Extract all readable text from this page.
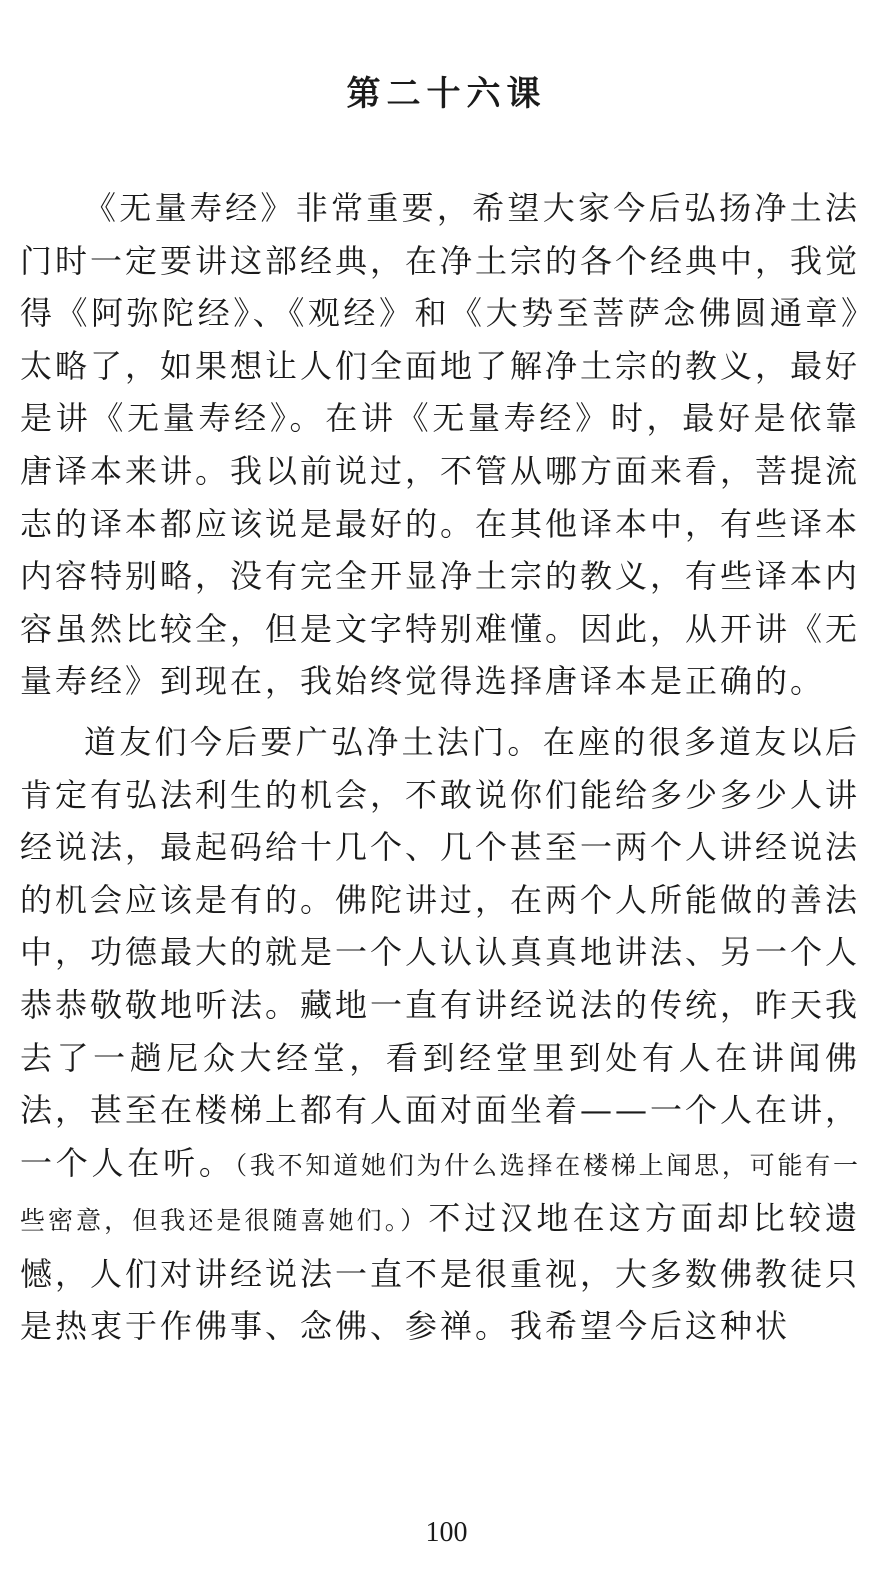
第二十六课

《无量寿经》非常重要，希望大家今后弘扬净土法门时一定要讲这部经典，在净土宗的各个经典中，我觉得《阿弥陀经》、《观经》和《大势至菩萨念佛圆通章》太略了，如果想让人们全面地了解净土宗的教义，最好是讲《无量寿经》。在讲《无量寿经》时，最好是依靠唐译本来讲。我以前说过，不管从哪方面来看，菩提流志的译本都应该说是最好的。在其他译本中，有些译本内容特别略，没有完全开显净土宗的教义，有些译本内容虽然比较全，但是文字特别难懂。因此，从开讲《无量寿经》到现在，我始终觉得选择唐译本是正确的。

道友们今后要广弘净土法门。在座的很多道友以后肯定有弘法利生的机会，不敢说你们能给多少多少人讲经说法，最起码给十几个、几个甚至一两个人讲经说法的机会应该是有的。佛陀讲过，在两个人所能做的善法中，功德最大的就是一个人认认真真地讲法、另一个人恭恭敬敬地听法。藏地一直有讲经说法的传统，昨天我去了一趟尼众大经堂，看到经堂里到处有人在讲闻佛法，甚至在楼梯上都有人面对面坐着——一个人在讲，一个人在听。（我不知道她们为什么选择在楼梯上闻思，可能有一些密意，但我还是很随喜她们。）不过汉地在这方面却比较遗憾，人们对讲经说法一直不是很重视，大多数佛教徒只是热衷于作佛事、念佛、参禅。我希望今后这种状

100
